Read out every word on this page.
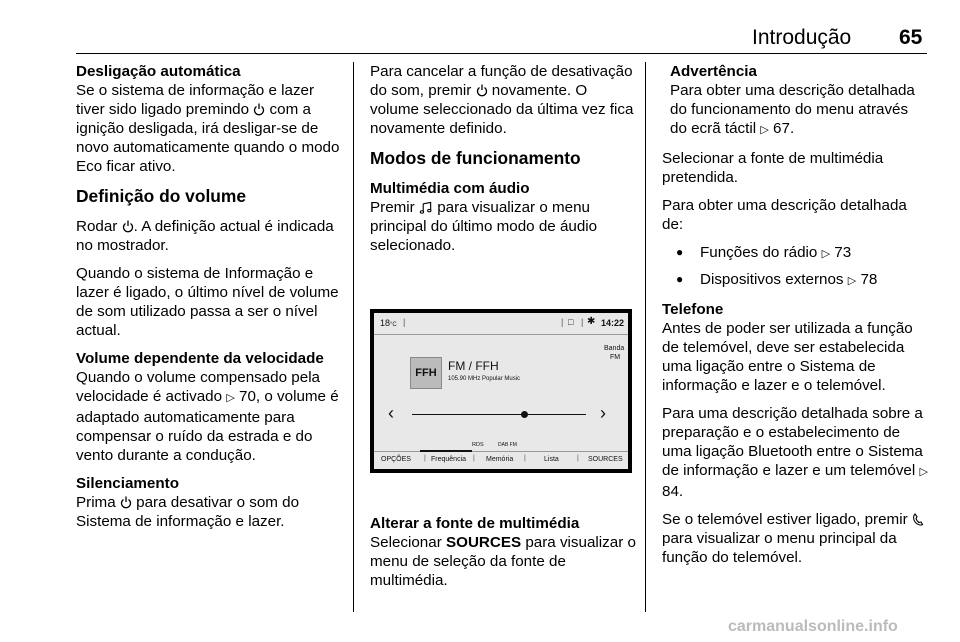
Introdução 65

Desligação automática
Se o sistema de informação e lazer tiver sido ligado premindo com a ignição desligada, irá desligar-se de novo automaticamente quando o modo Eco ficar ativo.

Definição do volume

Rodar . A definição actual é indicada no mostrador.

Quando o sistema de Informação e lazer é ligado, o último nível de volume de som utilizado passa a ser o nível actual.

Volume dependente da velocidade
Quando o volume compensado pela velocidade é activado ▷ 70, o volume é adaptado automaticamente para compensar o ruído da estrada e do vento durante a condução.

Silenciamento
Prima para desativar o som do Sistema de informação e lazer.

Para cancelar a função de desativação do som, premir novamente. O volume seleccionado da última vez fica novamente definido.

Modos de funcionamento

Multimédia com áudio
Premir para visualizar o menu principal do último modo de áudio selecionado.

18°C |	| □ | ✱ 14:22
Banda
FM
FFH FM / FFH
105.90 MHz Popular Music
‹	›
RDS	DAB FM
OPÇÕES | Frequência | Memória |	Lista	| SOURCES

Alterar a fonte de multimédia
Selecionar SOURCES para visualizar o menu de seleção da fonte de multimédia.

Advertência
Para obter uma descrição detalhada do funcionamento do menu através do ecrã táctil ▷ 67.

Selecionar a fonte de multimédia pretendida.

Para obter uma descrição detalhada de:

● Funções do rádio ▷ 73
● Dispositivos externos ▷ 78

Telefone
Antes de poder ser utilizada a função de telemóvel, deve ser estabelecida uma ligação entre o Sistema de informação e lazer e o telemóvel.

Para uma descrição detalhada sobre a preparação e o estabelecimento de uma ligação Bluetooth entre o Sistema de informação e lazer e um telemóvel ▷ 84.

Se o telemóvel estiver ligado, premir  para visualizar o menu principal da função do telemóvel.

carmanualsonline.info
